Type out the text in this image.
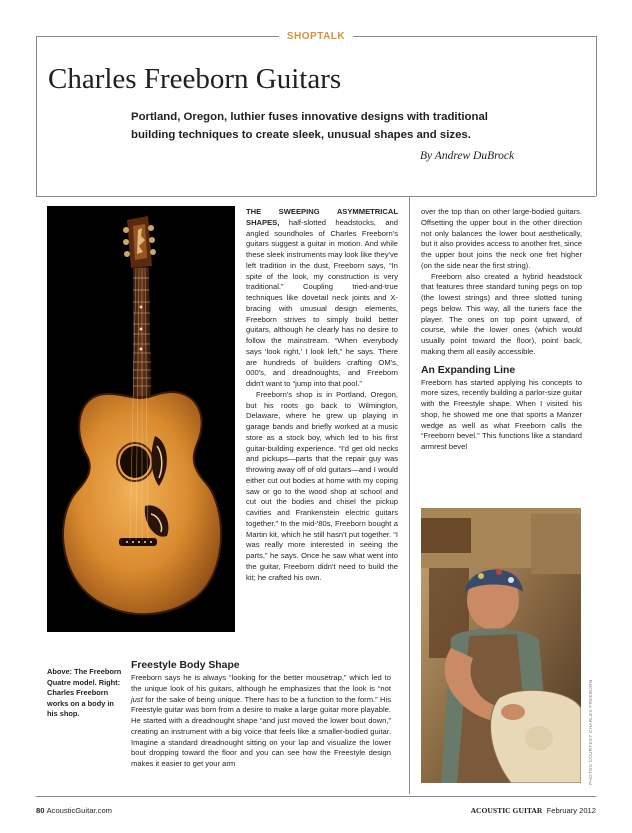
SHOPTALK
Charles Freeborn Guitars
Portland, Oregon, luthier fuses innovative designs with traditional building techniques to create sleek, unusual shapes and sizes.
By Andrew DuBrock

THE SWEEPING ASYMMETRICAL SHAPES, half-slotted headstocks, and angled soundholes of Charles Freeborn's guitars suggest a guitar in motion. And while these sleek instruments may look like they've left tradition in the dust, Freeborn says, “In spite of the look, my construction is very traditional.” Coupling tried-and-true techniques like dovetail neck joints and X-bracing with unusual design elements, Freeborn strives to simply build better guitars, although he clearly has no desire to follow the mainstream. “When everybody says ‘look right,’ I look left,” he says. There are hundreds of builders crafting OM's, 000's, and dreadnoughts, and Freeborn didn't want to “jump into that pool.”

Freeborn's shop is in Portland, Oregon, but his roots go back to Wilmington, Delaware, where he grew up playing in garage bands and briefly worked at a music store as a stock boy, which led to his first guitar-building experience. “I'd get old necks and pickups—parts that the repair guy was throwing away off of old guitars—and I would either cut out bodies at home with my coping saw or go to the wood shop at school and cut out the bodies and chisel the pickup cavities and Frankenstein electric guitars together.” In the mid-'80s, Freeborn bought a Martin kit, which he still hasn't put together. “I was really more interested in seeing the parts,” he says. Once he saw what went into the guitar, Freeborn didn't need to build the kit; he crafted his own.

over the top than on other large-bodied guitars. Offsetting the upper bout in the other direction not only balances the lower bout aesthetically, but it also provides access to another fret, since the upper bout joins the neck one fret higher (on the side near the first string).

Freeborn also created a hybrid headstock that features three standard tuning pegs on top (the lowest strings) and three slotted tuning pegs below. This way, all the tuners face the player. The ones on top point upward, of course, while the lower ones (which would usually point toward the floor), point back, making them all easily accessible.

An Expanding Line

Freeborn has started applying his concepts to more sizes, recently building a parlor-size guitar with the Freestyle shape. When I visited his shop, he showed me one that sports a Manzer wedge as well as what Freeborn calls the “Freeborn bevel.” This functions like a standard armrest bevel

PHOTOS COURTESY CHARLES FREEBORN
Above: The Freeborn Quatre model. Right: Charles Freeborn works on a body in his shop.
Freestyle Body Shape

Freeborn says he is always “looking for the better mousetrap,” which led to the unique look of his guitars, although he emphasizes that the look is “not just for the sake of being unique. There has to be a function to the form.” His Freestyle guitar was born from a desire to make a large guitar more playable. He started with a dreadnought shape “and just moved the lower bout down,” creating an instrument with a big voice that feels like a smaller-bodied guitar. Imagine a standard dreadnought sitting on your lap and visualize the lower bout dropping toward the floor and you can see how the Freestyle design makes it easier to get your arm

80 AcousticGuitar.com	ACOUSTIC GUITAR February 2012
